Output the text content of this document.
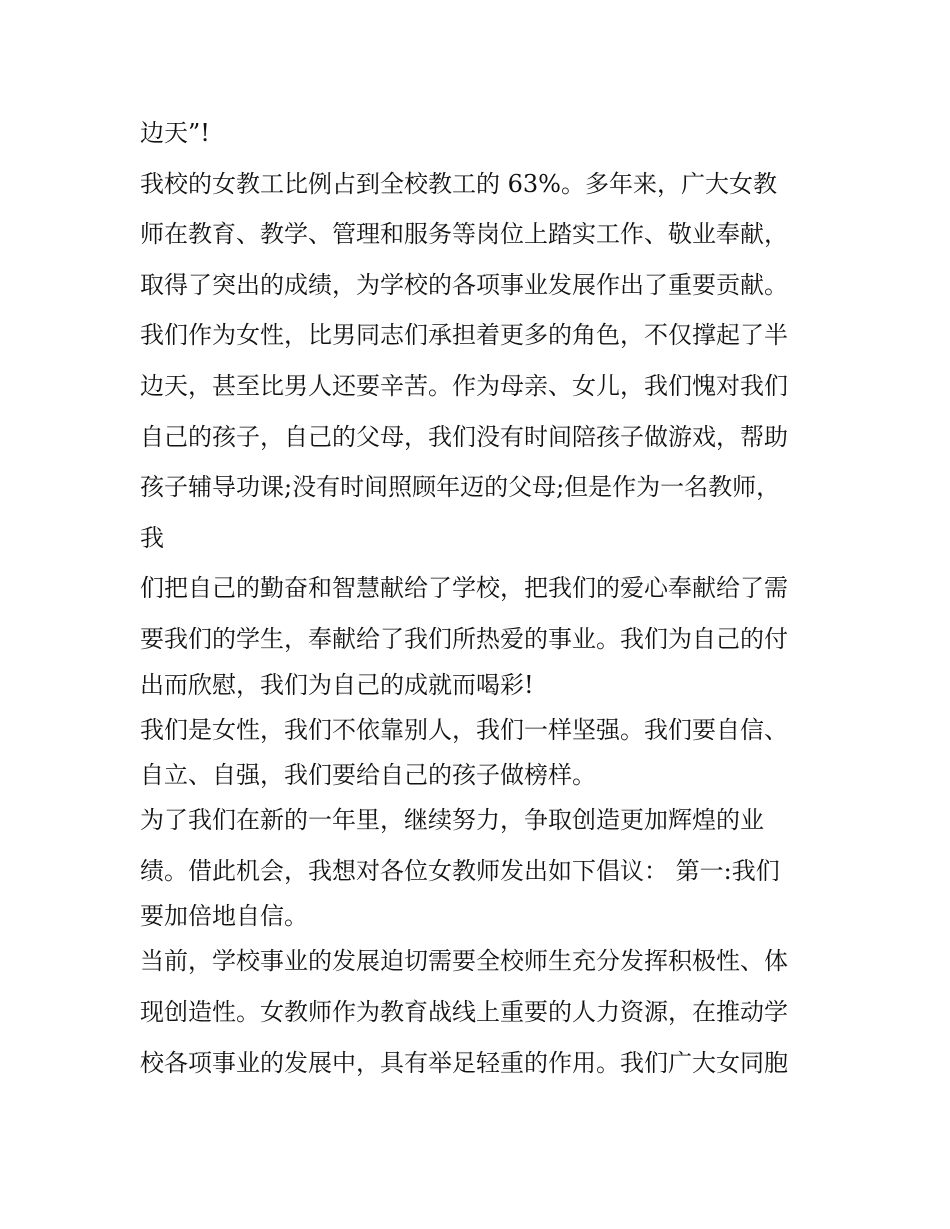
边天”!
我校的女教工比例占到全校教工的 63%。多年来，广大女教
师在教育、教学、管理和服务等岗位上踏实工作、敬业奉献，
取得了突出的成绩，为学校的各项事业发展作出了重要贡献。
我们作为女性，比男同志们承担着更多的角色，不仅撑起了半
边天，甚至比男人还要辛苦。作为母亲、女儿，我们愧对我们
自己的孩子，自己的父母，我们没有时间陪孩子做游戏，帮助
孩子辅导功课;没有时间照顾年迈的父母;但是作为一名教师，
我
们把自己的勤奋和智慧献给了学校，把我们的爱心奉献给了需
要我们的学生，奉献给了我们所热爱的事业。我们为自己的付
出而欣慰，我们为自己的成就而喝彩!
我们是女性，我们不依靠别人，我们一样坚强。我们要自信、
自立、自强，我们要给自己的孩子做榜样。
为了我们在新的一年里，继续努力，争取创造更加辉煌的业
绩。借此机会，我想对各位女教师发出如下倡议： 第一:我们
要加倍地自信。
当前，学校事业的发展迫切需要全校师生充分发挥积极性、体
现创造性。女教师作为教育战线上重要的人力资源，在推动学
校各项事业的发展中，具有举足轻重的作用。我们广大女同胞
